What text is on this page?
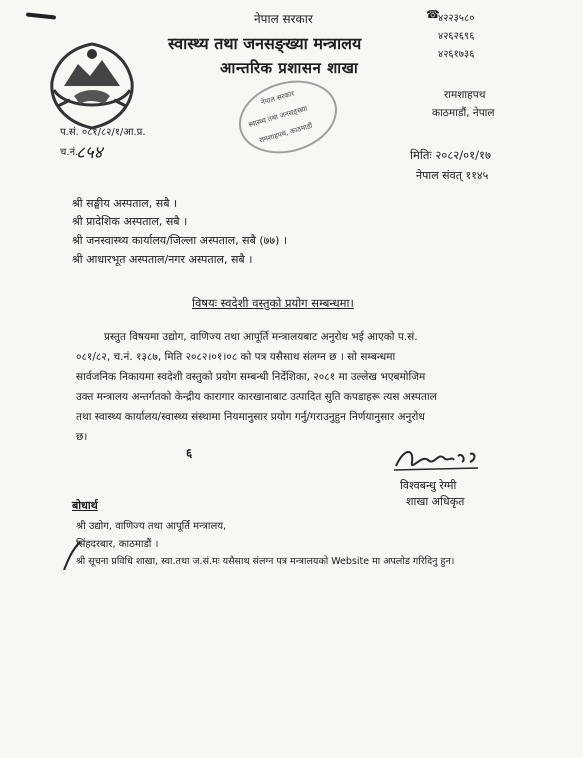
नेपाल सरकार
स्वास्थ्य तथा जनसङ्ख्या मन्त्रालय
आन्तरिक प्रशासन शाखा
नेपाल सरकार
स्वास्थ्य तथा जनसङ्ख्या
रामशाहपथ, काठमाडौं
☎
४२२३५८०
४२६२६९६
४२६१७३६
रामशाहपथ
काठमाडौं, नेपाल
प.सं. ०८१/८२/१/आ.प्र.
च.नं.
८५४	मितिः २०८२/०१/१७
नेपाल संवत् ११४५
श्री सङ्घीय अस्पताल, सबै ।
श्री प्रादेशिक अस्पताल, सबै ।
श्री जनस्वास्थ्य कार्यालय/जिल्ला अस्पताल, सबै (७७) ।
श्री आधारभूत अस्पताल/नगर अस्पताल, सबै ।
विषयः स्वदेशी वस्तुको प्रयोग सम्बन्धमा।
प्रस्तुत विषयमा उद्योग, वाणिज्य तथा आपूर्ति मन्त्रालयबाट अनुरोध भई आएको प.सं.
०८१/८२, च.नं. १३८७, मिति २०८२।०१।०८ को पत्र यसैसाथ संलग्न छ । सो सम्बन्धमा
सार्वजनिक निकायमा स्वदेशी वस्तुको प्रयोग सम्बन्धी निर्देशिका, २०८१ मा उल्लेख भएबमोजिम
उक्त मन्त्रालय अन्तर्गतको केन्द्रीय कारागार कारखानाबाट उत्पादित सुति कपडाहरू त्यस अस्पताल
तथा स्वास्थ्य कार्यालय/स्वास्थ्य संस्थामा नियमानुसार प्रयोग गर्नु/गराउनुहुन निर्णयानुसार अनुरोध
छ।
६
विश्वबन्धु रेग्मी
शाखा अधिकृत
बोधार्थ
श्री उद्योग, वाणिज्य तथा आपूर्ति मन्त्रालय,
सिंहदरबार, काठमाडौं ।
श्री सूचना प्रविधि शाखा, स्वा.तथा ज.सं.मः यसैसाथ संलग्न पत्र मन्त्रालयको Website मा अपलोड गरिदिनु हुन।
